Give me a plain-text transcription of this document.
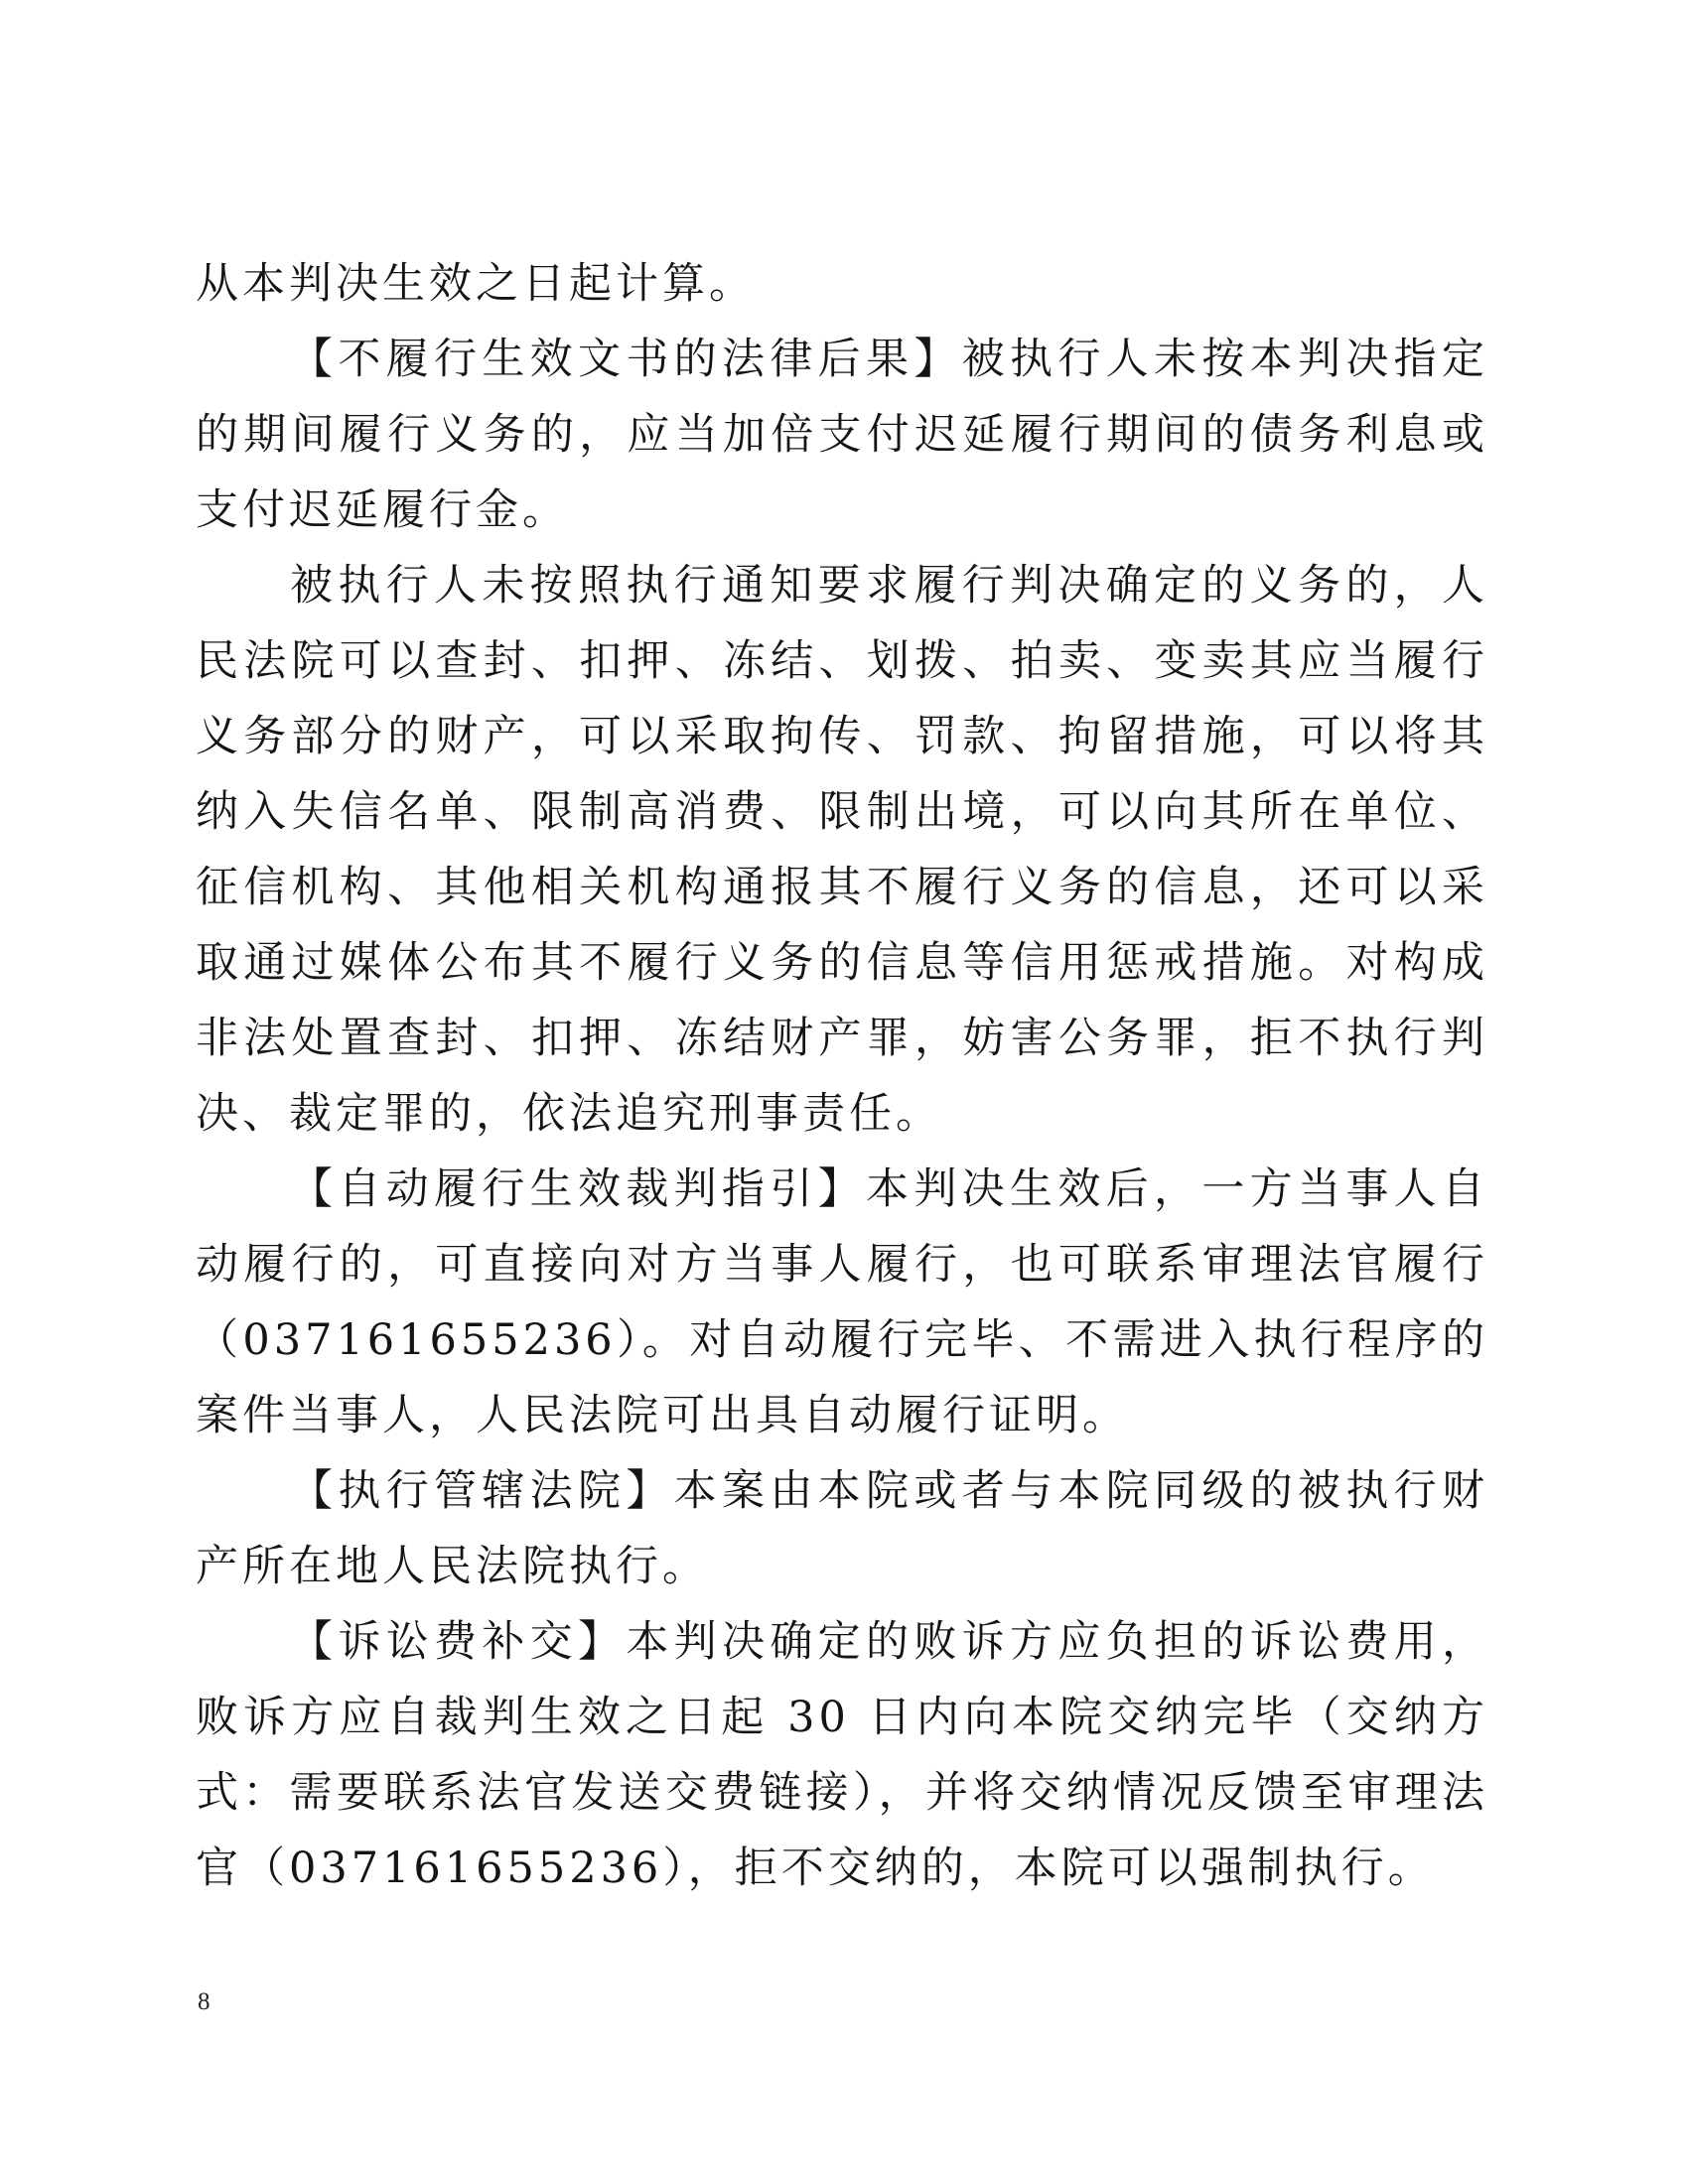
从本判决生效之日起计算。

【不履行生效文书的法律后果】被执行人未按本判决指定的期间履行义务的，应当加倍支付迟延履行期间的债务利息或支付迟延履行金。

被执行人未按照执行通知要求履行判决确定的义务的，人民法院可以查封、扣押、冻结、划拨、拍卖、变卖其应当履行义务部分的财产，可以采取拘传、罚款、拘留措施，可以将其纳入失信名单、限制高消费、限制出境，可以向其所在单位、征信机构、其他相关机构通报其不履行义务的信息，还可以采取通过媒体公布其不履行义务的信息等信用惩戒措施。对构成非法处置查封、扣押、冻结财产罪，妨害公务罪，拒不执行判决、裁定罪的，依法追究刑事责任。

【自动履行生效裁判指引】本判决生效后，一方当事人自动履行的，可直接向对方当事人履行，也可联系审理法官履行（037161655236）。对自动履行完毕、不需进入执行程序的案件当事人，人民法院可出具自动履行证明。

【执行管辖法院】本案由本院或者与本院同级的被执行财产所在地人民法院执行。

【诉讼费补交】本判决确定的败诉方应负担的诉讼费用，败诉方应自裁判生效之日起 30 日内向本院交纳完毕（交纳方式：需要联系法官发送交费链接），并将交纳情况反馈至审理法官（037161655236），拒不交纳的，本院可以强制执行。

8
